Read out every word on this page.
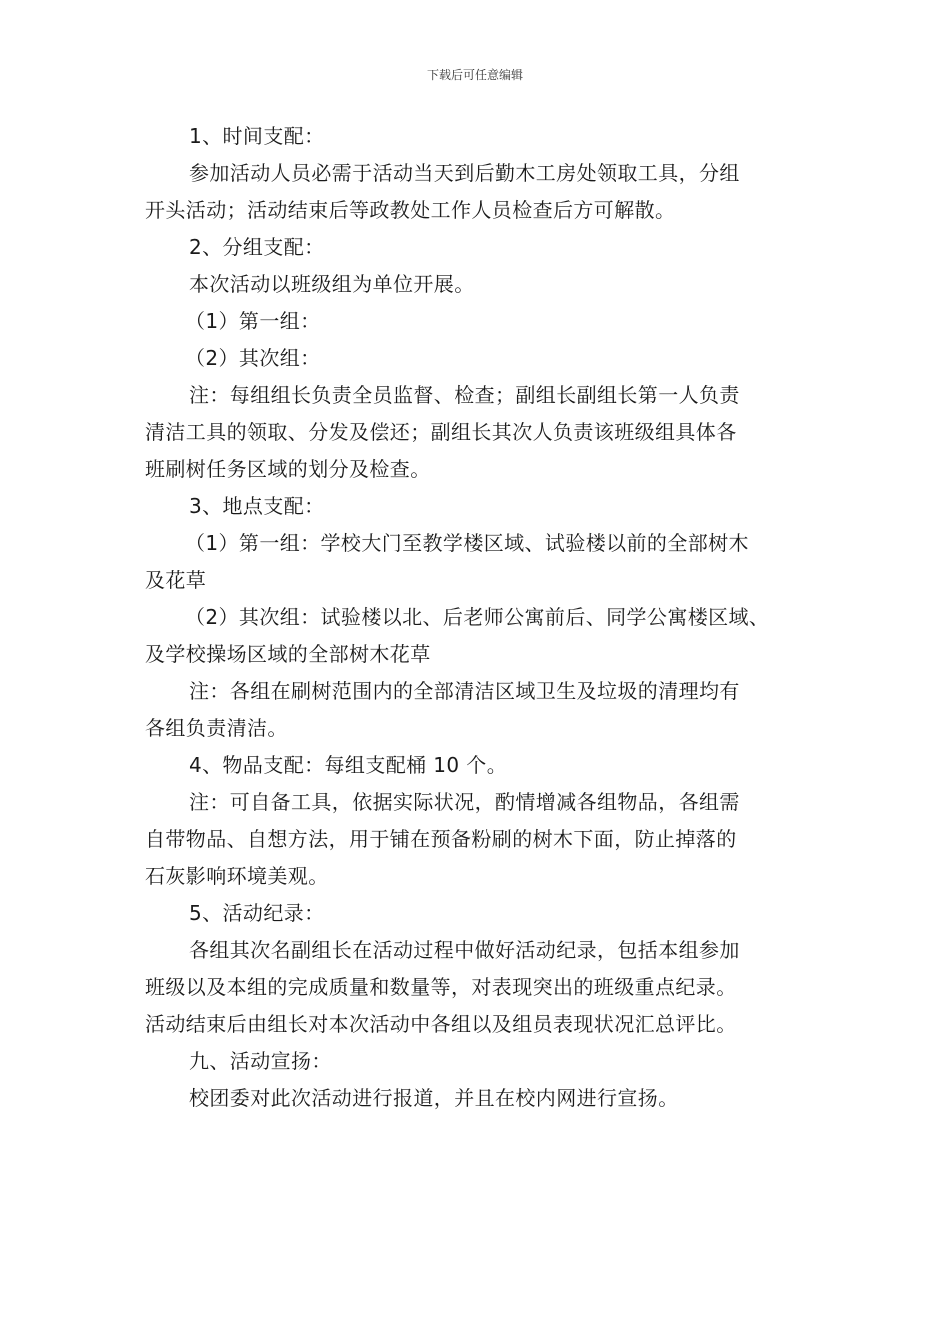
下载后可任意编辑
1、时间支配：
参加活动人员必需于活动当天到后勤木工房处领取工具，分组
开头活动；活动结束后等政教处工作人员检查后方可解散。
2、分组支配：
本次活动以班级组为单位开展。
（1）第一组：
（2）其次组：
注：每组组长负责全员监督、检查；副组长副组长第一人负责
清洁工具的领取、分发及偿还；副组长其次人负责该班级组具体各
班刷树任务区域的划分及检查。
3、地点支配：
（1）第一组：学校大门至教学楼区域、试验楼以前的全部树木
及花草
（2）其次组：试验楼以北、后老师公寓前后、同学公寓楼区域、
及学校操场区域的全部树木花草
注：各组在刷树范围内的全部清洁区域卫生及垃圾的清理均有
各组负责清洁。
4、物品支配：每组支配桶 10 个。
注：可自备工具，依据实际状况，酌情增减各组物品，各组需
自带物品、自想方法，用于铺在预备粉刷的树木下面，防止掉落的
石灰影响环境美观。
5、活动纪录：
各组其次名副组长在活动过程中做好活动纪录，包括本组参加
班级以及本组的完成质量和数量等，对表现突出的班级重点纪录。
活动结束后由组长对本次活动中各组以及组员表现状况汇总评比。
九、活动宣扬：
校团委对此次活动进行报道，并且在校内网进行宣扬。
